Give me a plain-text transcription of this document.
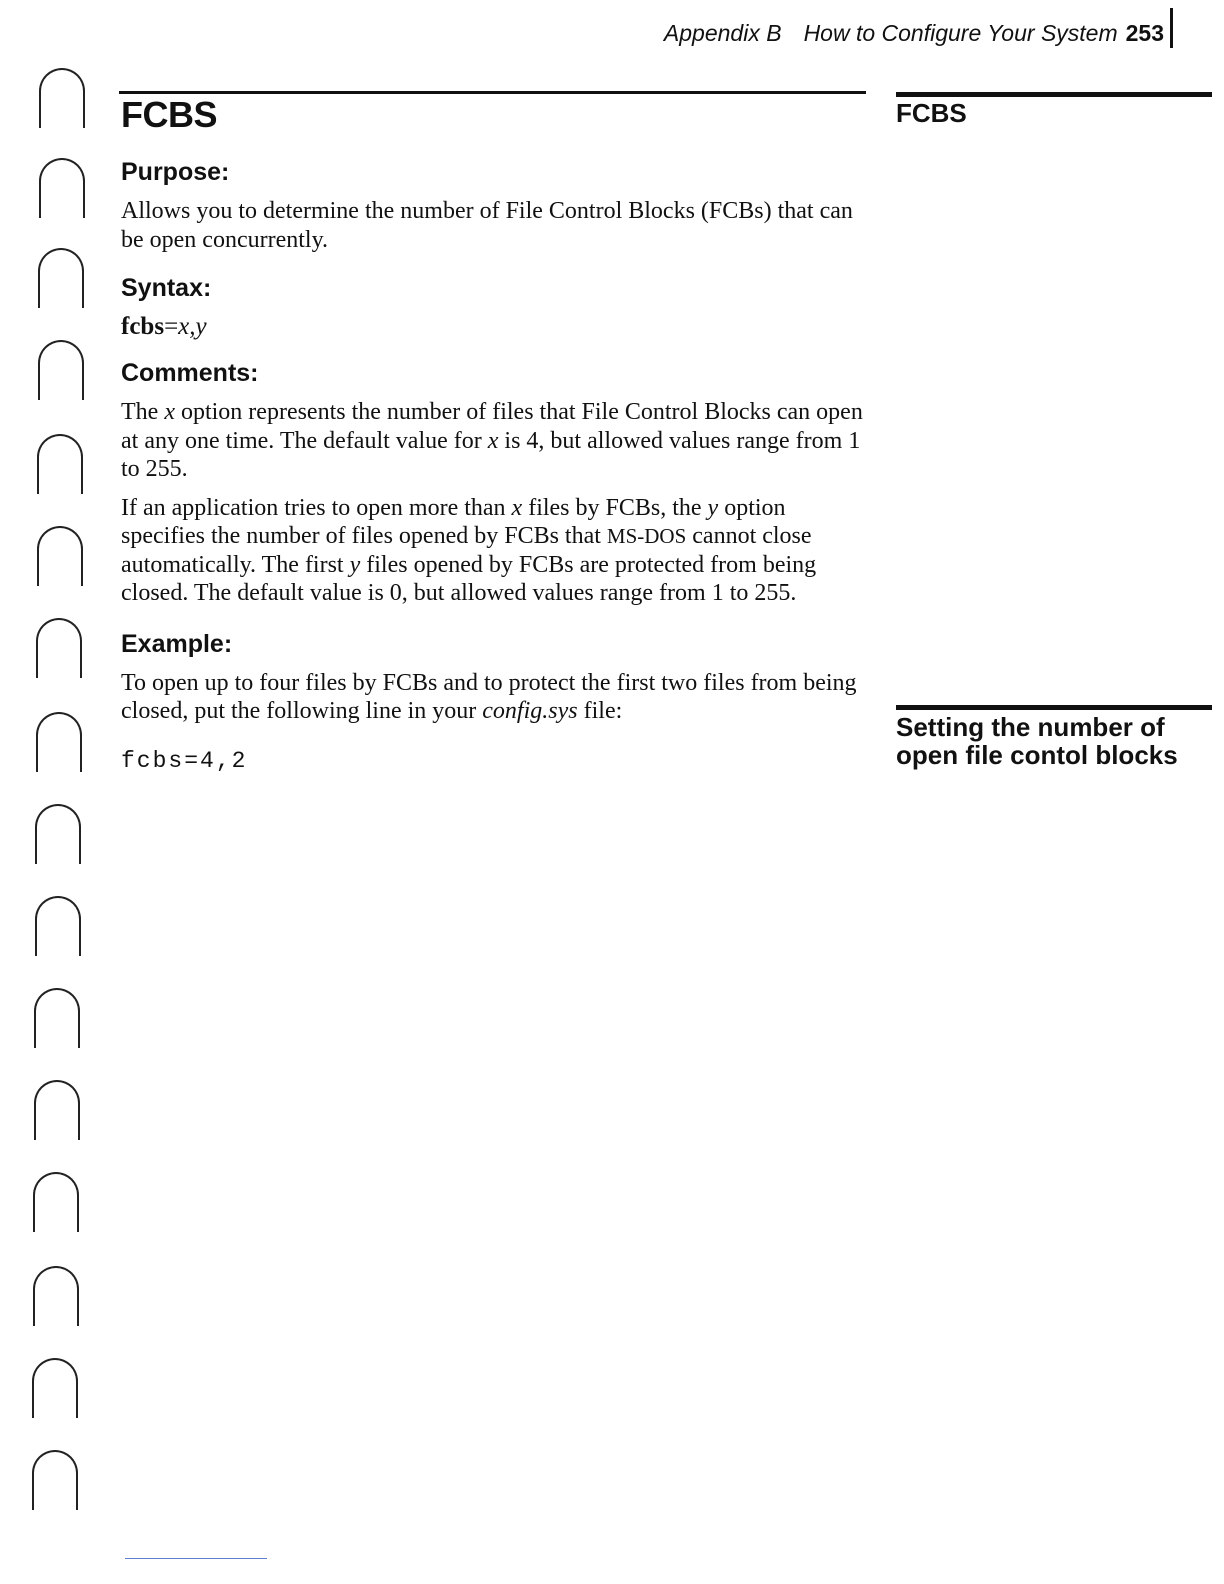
Appendix B How to Configure Your System 253

FCBS

Setting the number of open file contol blocks

FCBS
Purpose:

Allows you to determine the number of File Control Blocks (FCBs) that can be open concurrently.

Syntax:

fcbs=x,y

Comments:

The x option represents the number of files that File Control Blocks can open at any one time. The default value for x is 4, but allowed values range from 1 to 255.

If an application tries to open more than x files by FCBs, the y option specifies the number of files opened by FCBs that MS-DOS cannot close automatically. The first y files opened by FCBs are protected from being closed. The default value is 0, but allowed values range from 1 to 255.

Example:

To open up to four files by FCBs and to protect the first two files from being closed, put the following line in your config.sys file:

fcbs=4,2
